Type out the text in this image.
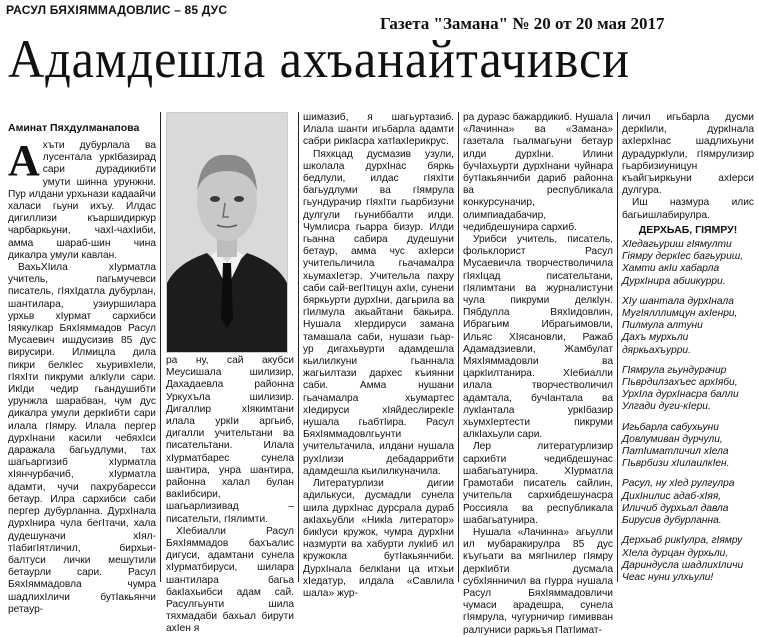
РАСУЛ БЯХIЯММАДОВЛИС – 85 ДУС
Газета "Замана" № 20 от 20 мая 2017
Адамдешла ахъанайтачивси
Аминат Пяхдулманапова

Ахъти дубурлала ва лусентала уркIбазирад сари дурадикибти умути шинна урунжни. Пур илдани урхьнази кадаайчи халаси гьуни ихъу. Илдас дигиллизи къаршидиркур чарбаркьуни, чахI-чахIиби, амма шараб-шин чина дикалра умули кавлан.

ВахьХIила хIурматла учитель, пагьмучевси писатель, гIяхIдатла дубурлан, шантилара, узиуршилара урхьв хIурмат сархибси Iяякулкар БяхIяммадов Расул Мусаевич ишдусизив 85 дус вирусири. Илмицла дила пикри белкIес хьуривхIели, гIяхIти пикруми алкIули сари. ИкIди чедир гьандушибти урунжла шарабван, чум дус дикалра умули деркIибти сари илала гIямру. Илала пергер дурхIнани касили чебяхIси даражала багьудлуми, тах шагьаргизиб хIурматла хIянчурбачиб, хIурматла адамти, чучи пахрубаресси бетаур. Илра сархибси саби пергер дубурланна. ДурхIнала дурхIнира чула бегIтачи, хала дудешуначи хIял-тIабигIятличил, бирхьи-балтуси лички мешутили бетаурли сари. Расул БяхIяммадовла чумра шадлихIличи бутIакьянчи ретаур-

ра ну, сай акубси Меусишала шилизир, Дахадаевла районна Уркухъла шилизир. Дигаллир хIякимтани илала уркIи аргьиб, дигалли учительтани ва писательтани. Илала хIурматбарес сунела шантира, унра шантира, районна халал булан вакIибсири, шагьарлизивад – писательти, гIялимти.

ХIебиалли Расул БяхIяммадов бахъалис дигуси, адамтани сунела хIурматбируси, шилара шантилара багьа бакIахьибси адам сай. Расулгьунти шила тяхмадаби бахьал бирути ахIен я

шимазиб, я шагьуртазиб. Илала шанти игьбарла адамти сабри рикIасра хатIахIерикрус.

Пяхкцад дусмазив узули, школала дурхIнас бяркь бедлули, илдас гIяхIти багьудлуми ва гIямрула гьундурачир гIяхIти гьарбизуни дулгули гьуниббалти илди. Чумлисра гьарра бизур. Илди гьанна сабира дудешуни бетаур, амма чус ахIерси учительличила гьачамалра хьумахIетэр. Учительла пахру саби сай-вегIтицун ахIи, сунени бяркьурти дурхIни, дагьрила ва гIилмула акьайтани бакьира. Нушала хIердируси замана тамашала саби, нушази гьар-ур дигахьвурти адамдешла кьилилкуни гьаннала жагьилтази дархес къиянни саби. Амма нушани гьачамалра хьумартес хIедируси хIяйдеслирекIе нушала гьабтIира. Расул БяхIяммадовлгьунти учительтачила, илдани нушала рухIлизи дебадаррибти адамдешла кьилилкуначила.

Литературлизи дигии адилькуси, дусмадли сунела шила дурхIнас дурсрала дураб акIахьубли «Никlа литератор» бикIуси кружок, чумра дурхIни назмурти ва хабурти лукIиб ил кружокла бутIакьянчиби. ДурхIнала белкIани ца итхьи хIедатур, илдала «Савлила шала» жур-

ра дураэс бажардикиб. Нушала «Лачинна» ва «Замана» газетала гьалмагьуни бетаур илди дурхIни. Илини бучIахьурти дурхIнани чуйнара бутIакьянчиби дариб районна ва республикала конкурсуначир, олимпиадабачир, чедибдешунира сархиб.

Урибси учитель, писатель, фольклорист Расул Мусаевичла творчестволичила гIяхIцад писательтани, гIялимтани ва журналистуни чула пикруми делкIун. Пябдулла ВяхIидовлин, Ибрагьим Ибрагьимовли, Ильяс ХIясановли, Ражаб Адамадзиевли, Жамбулат МяхIяммадовли ва царкIилтанира. ХIебиалли илала творчестволичил адамтала, бучIантала ва лукIантала уркIбазир хьумхIертести пикруми алкIахьули сари.

Лер литературлизир сархибти чедибдешунас шабагьатунира. ХIурматла Грамотаби писатель сайлин, учительла сархибдешунасра Россияла ва республикала шабагьатунира.

Нушала «Лачинна» агьулли ил мубаракирулра 85 дус къугьати ва мягIнилер гIямру деркIибти дусмала субхIянничил ва гIурра нушала Расул БяхIяммадовличи чумаси арадешра, сунела гIямрула, чугурничир гимивван ралгуниси раркьъя ПатIимат-

личил игьбарла дусми деркIили, дуркIнала ахIерхIнас шадлихьуни дурадуркIули, гIямрулизир гьарбизиуницун къайгъиркьуни ахIерси дулгура.

Иш назмура илис багьишлабирулра.

ДЕРХЬАБ, ГIЯМРУ!

ХIедагьуриш гIямулти

Гiямру деркIес багьуриш,

Хамти акIи хабарла

ДурхIнира абиикурри.

ХIу шантала дурхIнала

МугIялллимцун ахIенри,

Пилмула алтуни

Дахъ мурхьли дяркьахъурри.

ГIямрула гьундурачир

ГIьврдилзахъес архIяби,

УрхIла дурхIнасра балли

Улгади дуги-кIери.

Игьбарла сабухьуни

Довлумиван дурчули,

ПатIиматличил хIела

ГIьврбизи хIилаилкIен.

Расул, ну хIед рулгулра

ДихIнилис адаб-хIяя,

Иличиб дурхьал давла

Бирусив дубурланна.

Дерхьаб рикIулра, гIямру

ХIела дурцан дурхьли,

Дариндусла шадлихIличи

Чеас нуни улхьули!
